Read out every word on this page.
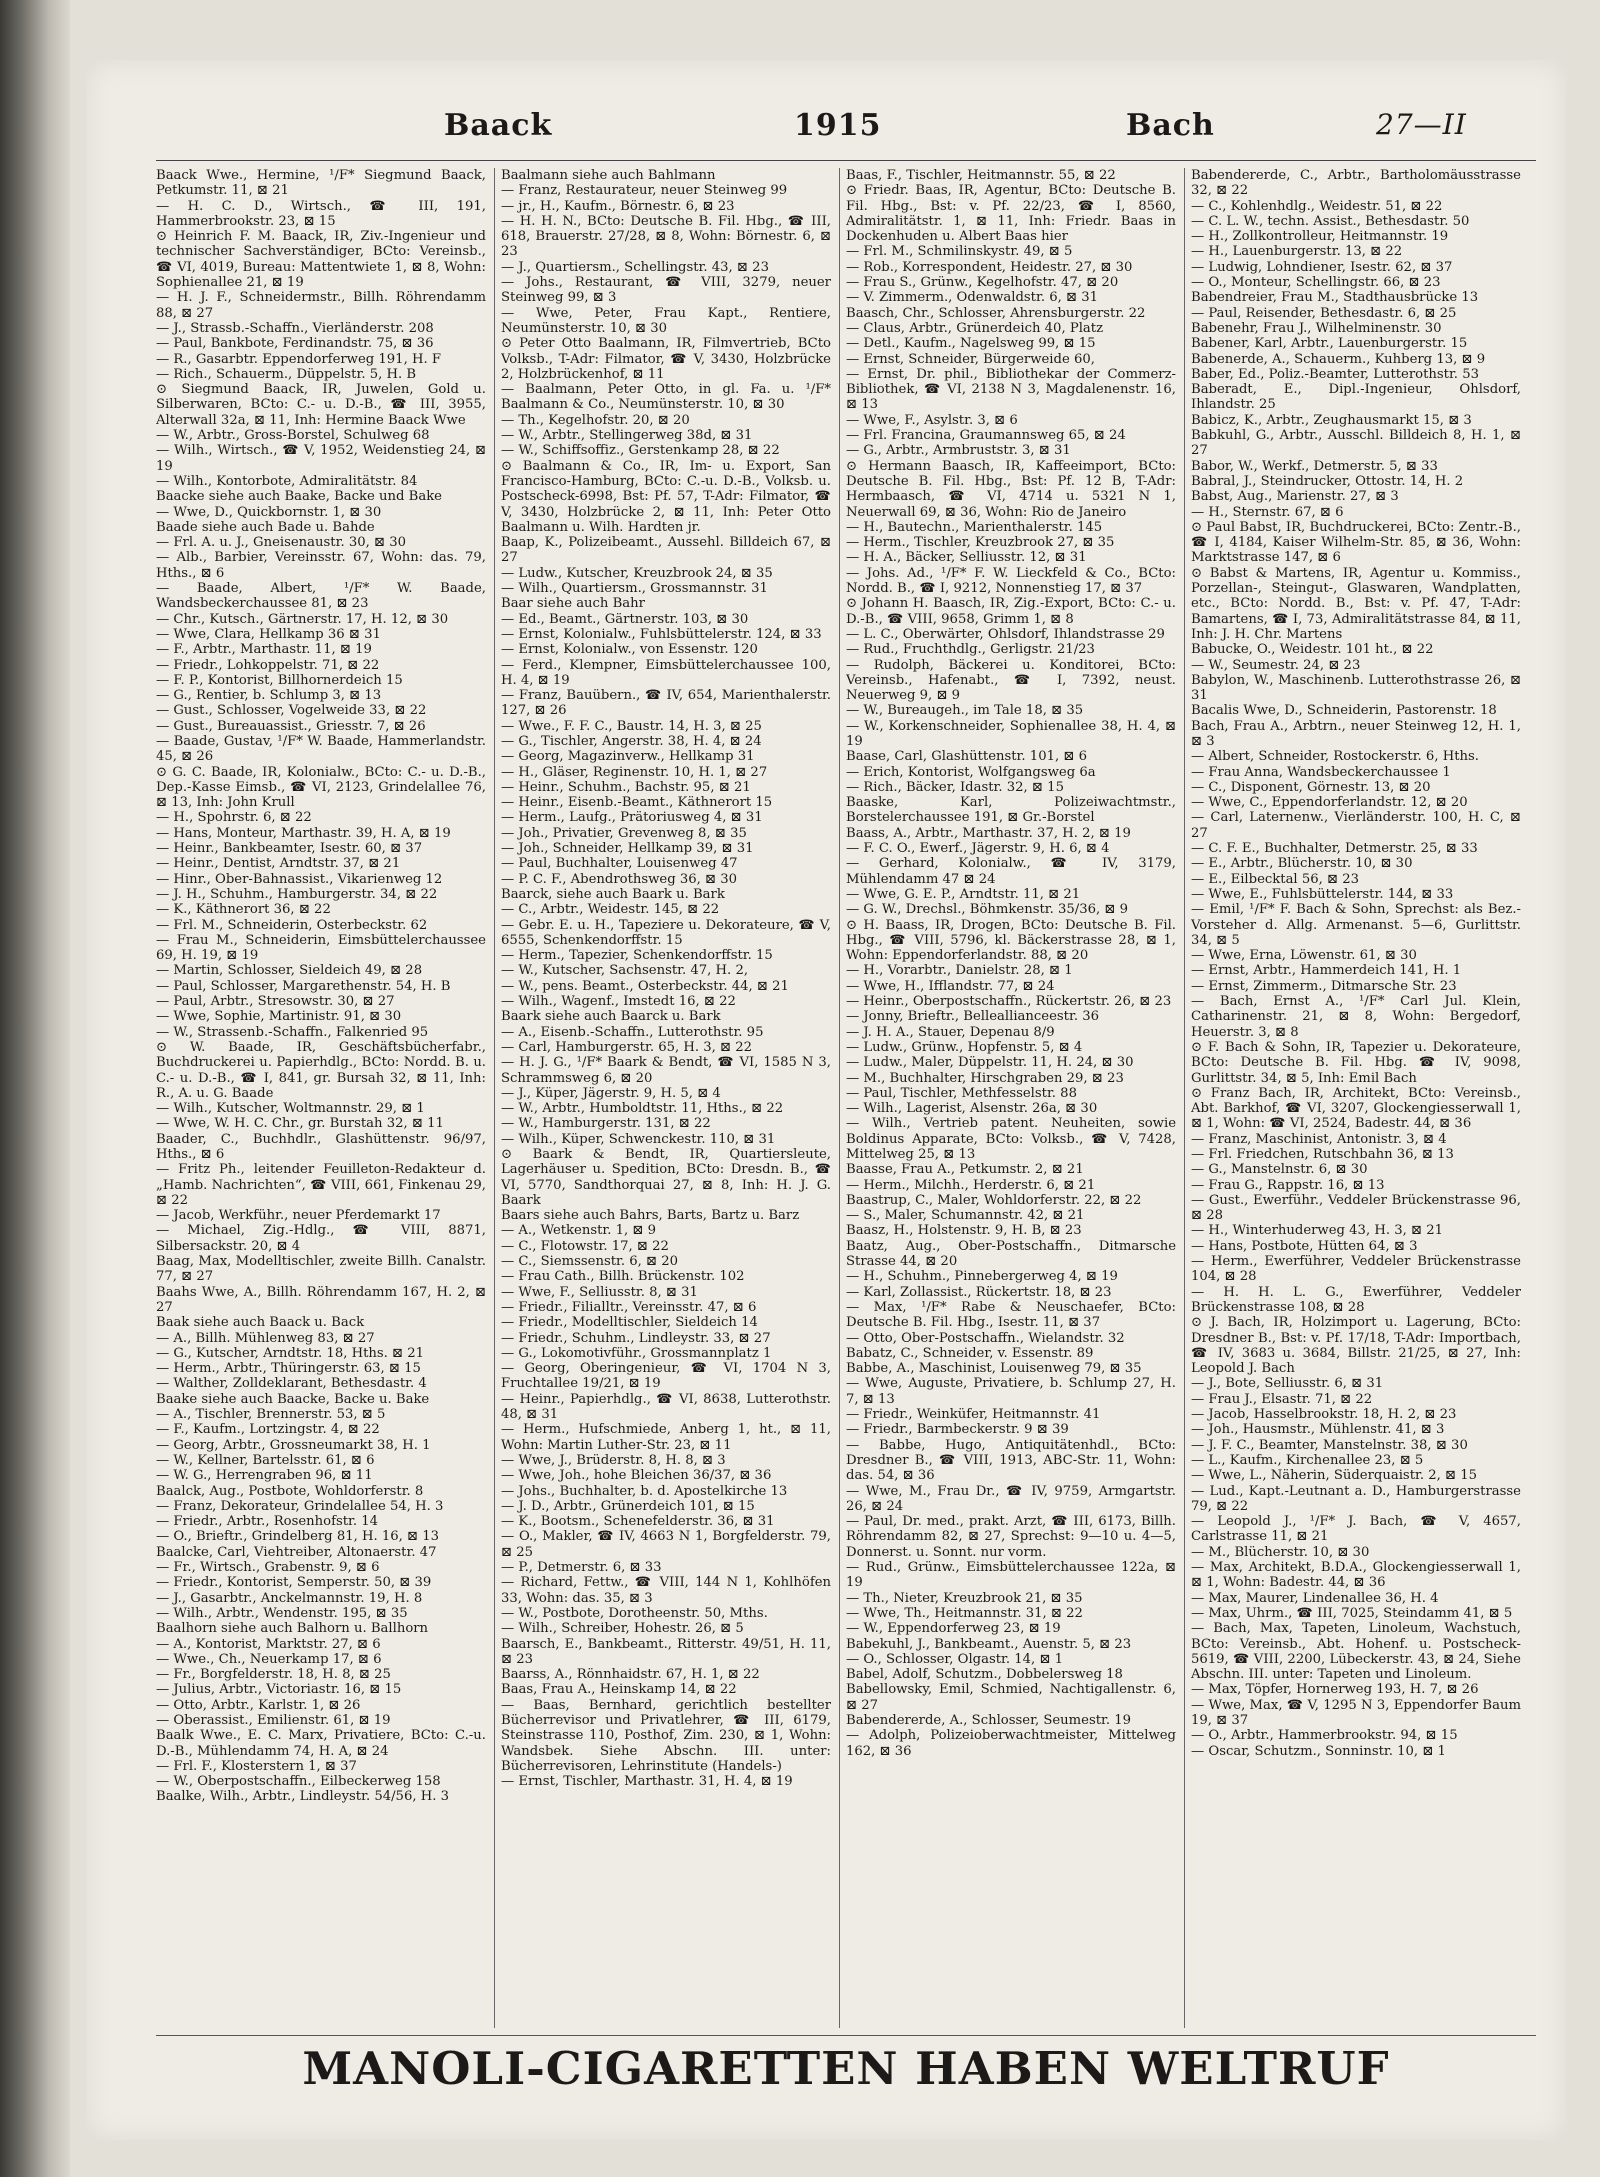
Baack	1915	Bach	27—II

Baack Wwe., Hermine, ¹/F* Siegmund Baack, Petkumstr. 11, ⊠ 21

— H. C. D., Wirtsch., ☎ III, 191, Hammerbrookstr. 23, ⊠ 15

⊙ Heinrich F. M. Baack, IR, Ziv.-Ingenieur und technischer Sachverständiger, BCto: Vereinsb., ☎ VI, 4019, Bureau: Mattentwiete 1, ⊠ 8, Wohn: Sophienallee 21, ⊠ 19

— H. J. F., Schneidermstr., Billh. Röhrendamm 88, ⊠ 27

— J., Strassb.-Schaffn., Vierländerstr. 208

— Paul, Bankbote, Ferdinandstr. 75, ⊠ 36

— R., Gasarbtr. Eppendorferweg 191, H. F

— Rich., Schauerm., Düppelstr. 5, H. B

⊙ Siegmund Baack, IR, Juwelen, Gold u. Silberwaren, BCto: C.- u. D.-B., ☎ III, 3955, Alterwall 32a, ⊠ 11, Inh: Hermine Baack Wwe

— W., Arbtr., Gross-Borstel, Schulweg 68

— Wilh., Wirtsch., ☎ V, 1952, Weidenstieg 24, ⊠ 19

— Wilh., Kontorbote, Admiralitätstr. 84

Baacke siehe auch Baake, Backe und Bake

— Wwe, D., Quickbornstr. 1, ⊠ 30

Baade siehe auch Bade u. Bahde

— Frl. A. u. J., Gneisenaustr. 30, ⊠ 30

— Alb., Barbier, Vereinsstr. 67, Wohn: das. 79, Hths., ⊠ 6

— Baade, Albert, ¹/F* W. Baade, Wandsbeckerchaussee 81, ⊠ 23

— Chr., Kutsch., Gärtnerstr. 17, H. 12, ⊠ 30

— Wwe, Clara, Hellkamp 36 ⊠ 31

— F., Arbtr., Marthastr. 11, ⊠ 19

— Friedr., Lohkoppelstr. 71, ⊠ 22

— F. P., Kontorist, Billhornerdeich 15

— G., Rentier, b. Schlump 3, ⊠ 13

— Gust., Schlosser, Vogelweide 33, ⊠ 22

— Gust., Bureauassist., Griesstr. 7, ⊠ 26

— Baade, Gustav, ¹/F* W. Baade, Hammerlandstr. 45, ⊠ 26

⊙ G. C. Baade, IR, Kolonialw., BCto: C.- u. D.-B., Dep.-Kasse Eimsb., ☎ VI, 2123, Grindelallee 76, ⊠ 13, Inh: John Krull

— H., Spohrstr. 6, ⊠ 22

— Hans, Monteur, Marthastr. 39, H. A, ⊠ 19

— Heinr., Bankbeamter, Isestr. 60, ⊠ 37

— Heinr., Dentist, Arndtstr. 37, ⊠ 21

— Hinr., Ober-Bahnassist., Vikarienweg 12

— J. H., Schuhm., Hamburgerstr. 34, ⊠ 22

— K., Käthnerort 36, ⊠ 22

— Frl. M., Schneiderin, Osterbeckstr. 62

— Frau M., Schneiderin, Eimsbüttelerchaussee 69, H. 19, ⊠ 19

— Martin, Schlosser, Sieldeich 49, ⊠ 28

— Paul, Schlosser, Margarethenstr. 54, H. B

— Paul, Arbtr., Stresowstr. 30, ⊠ 27

— Wwe, Sophie, Martinistr. 91, ⊠ 30

— W., Strassenb.-Schaffn., Falkenried 95

⊙ W. Baade, IR, Geschäftsbücherfabr., Buchdruckerei u. Papierhdlg., BCto: Nordd. B. u. C.- u. D.-B., ☎ I, 841, gr. Bursah 32, ⊠ 11, Inh: R., A. u. G. Baade

— Wilh., Kutscher, Woltmannstr. 29, ⊠ 1

— Wwe, W. H. C. Chr., gr. Burstah 32, ⊠ 11

Baader, C., Buchhdlr., Glashüttenstr. 96/97, Hths., ⊠ 6

— Fritz Ph., leitender Feuilleton-Redakteur d. „Hamb. Nachrichten“, ☎ VIII, 661, Finkenau 29, ⊠ 22

— Jacob, Werkführ., neuer Pferdemarkt 17

— Michael, Zig.-Hdlg., ☎ VIII, 8871, Silbersackstr. 20, ⊠ 4

Baag, Max, Modelltischler, zweite Billh. Canalstr. 77, ⊠ 27

Baahs Wwe, A., Billh. Röhrendamm 167, H. 2, ⊠ 27

Baak siehe auch Baack u. Back

— A., Billh. Mühlenweg 83, ⊠ 27

— G., Kutscher, Arndtstr. 18, Hths. ⊠ 21

— Herm., Arbtr., Thüringerstr. 63, ⊠ 15

— Walther, Zolldeklarant, Bethesdastr. 4

Baake siehe auch Baacke, Backe u. Bake

— A., Tischler, Brennerstr. 53, ⊠ 5

— F., Kaufm., Lortzingstr. 4, ⊠ 22

— Georg, Arbtr., Grossneumarkt 38, H. 1

— W., Kellner, Bartelsstr. 61, ⊠ 6

— W. G., Herrengraben 96, ⊠ 11

Baalck, Aug., Postbote, Wohldorferstr. 8

— Franz, Dekorateur, Grindelallee 54, H. 3

— Friedr., Arbtr., Rosenhofstr. 14

— O., Brieftr., Grindelberg 81, H. 16, ⊠ 13

Baalcke, Carl, Viehtreiber, Altonaerstr. 47

— Fr., Wirtsch., Grabenstr. 9, ⊠ 6

— Friedr., Kontorist, Semperstr. 50, ⊠ 39

— J., Gasarbtr., Anckelmannstr. 19, H. 8

— Wilh., Arbtr., Wendenstr. 195, ⊠ 35

Baalhorn siehe auch Balhorn u. Ballhorn

— A., Kontorist, Marktstr. 27, ⊠ 6

— Wwe., Ch., Neuerkamp 17, ⊠ 6

— Fr., Borgfelderstr. 18, H. 8, ⊠ 25

— Julius, Arbtr., Victoriastr. 16, ⊠ 15

— Otto, Arbtr., Karlstr. 1, ⊠ 26

— Oberassist., Emilienstr. 61, ⊠ 19

Baalk Wwe., E. C. Marx, Privatiere, BCto: C.-u. D.-B., Mühlendamm 74, H. A, ⊠ 24

— Frl. F., Klosterstern 1, ⊠ 37

— W., Oberpostschaffn., Eilbeckerweg 158

Baalke, Wilh., Arbtr., Lindleystr. 54/56, H. 3

Baalmann siehe auch Bahlmann

— Franz, Restaurateur, neuer Steinweg 99

— jr., H., Kaufm., Börnestr. 6, ⊠ 23

— H. H. N., BCto: Deutsche B. Fil. Hbg., ☎ III, 618, Brauerstr. 27/28, ⊠ 8, Wohn: Börnestr. 6, ⊠ 23

— J., Quartiersm., Schellingstr. 43, ⊠ 23

— Johs., Restaurant, ☎ VIII, 3279, neuer Steinweg 99, ⊠ 3

— Wwe, Peter, Frau Kapt., Rentiere, Neumünsterstr. 10, ⊠ 30

⊙ Peter Otto Baalmann, IR, Filmvertrieb, BCto Volksb., T-Adr: Filmator, ☎ V, 3430, Holzbrücke 2, Holzbrückenhof, ⊠ 11

— Baalmann, Peter Otto, in gl. Fa. u. ¹/F* Baalmann & Co., Neumünsterstr. 10, ⊠ 30

— Th., Kegelhofstr. 20, ⊠ 20

— W., Arbtr., Stellingerweg 38d, ⊠ 31

— W., Schiffsoffiz., Gerstenkamp 28, ⊠ 22

⊙ Baalmann & Co., IR, Im- u. Export, San Francisco-Hamburg, BCto: C.-u. D.-B., Volksb. u. Postscheck-6998, Bst: Pf. 57, T-Adr: Filmator, ☎ V, 3430, Holzbrücke 2, ⊠ 11, Inh: Peter Otto Baalmann u. Wilh. Hardten jr.

Baap, K., Polizeibeamt., Aussehl. Billdeich 67, ⊠ 27

— Ludw., Kutscher, Kreuzbrook 24, ⊠ 35

— Wilh., Quartiersm., Grossmannstr. 31

Baar siehe auch Bahr

— Ed., Beamt., Gärtnerstr. 103, ⊠ 30

— Ernst, Kolonialw., Fuhlsbüttelerstr. 124, ⊠ 33

— Ernst, Kolonialw., von Essenstr. 120

— Ferd., Klempner, Eimsbüttelerchaussee 100, H. 4, ⊠ 19

— Franz, Bauübern., ☎ IV, 654, Marienthalerstr. 127, ⊠ 26

— Wwe., F. F. C., Baustr. 14, H. 3, ⊠ 25

— G., Tischler, Angerstr. 38, H. 4, ⊠ 24

— Georg, Magazinverw., Hellkamp 31

— H., Gläser, Reginenstr. 10, H. 1, ⊠ 27

— Heinr., Schuhm., Bachstr. 95, ⊠ 21

— Heinr., Eisenb.-Beamt., Käthnerort 15

— Herm., Laufg., Prätoriusweg 4, ⊠ 31

— Joh., Privatier, Grevenweg 8, ⊠ 35

— Joh., Schneider, Hellkamp 39, ⊠ 31

— Paul, Buchhalter, Louisenweg 47

— P. C. F., Abendrothsweg 36, ⊠ 30

Baarck, siehe auch Baark u. Bark

— C., Arbtr., Weidestr. 145, ⊠ 22

— Gebr. E. u. H., Tapeziere u. Dekorateure, ☎ V, 6555, Schenkendorffstr. 15

— Herm., Tapezier, Schenkendorffstr. 15

— W., Kutscher, Sachsenstr. 47, H. 2,

— W., pens. Beamt., Osterbeckstr. 44, ⊠ 21

— Wilh., Wagenf., Imstedt 16, ⊠ 22

Baark siehe auch Baarck u. Bark

— A., Eisenb.-Schaffn., Lutterothstr. 95

— Carl, Hamburgerstr. 65, H. 3, ⊠ 22

— H. J. G., ¹/F* Baark & Bendt, ☎ VI, 1585 N 3, Schrammsweg 6, ⊠ 20

— J., Küper, Jägerstr. 9, H. 5, ⊠ 4

— W., Arbtr., Humboldtstr. 11, Hths., ⊠ 22

— W., Hamburgerstr. 131, ⊠ 22

— Wilh., Küper, Schwenckestr. 110, ⊠ 31

⊙ Baark & Bendt, IR, Quartiersleute, Lagerhäuser u. Spedition, BCto: Dresdn. B., ☎ VI, 5770, Sandthorquai 27, ⊠ 8, Inh: H. J. G. Baark

Baars siehe auch Bahrs, Barts, Bartz u. Barz

— A., Wetkenstr. 1, ⊠ 9

— C., Flotowstr. 17, ⊠ 22

— C., Siemssenstr. 6, ⊠ 20

— Frau Cath., Billh. Brückenstr. 102

— Wwe, F., Selliusstr. 8, ⊠ 31

— Friedr., Filialltr., Vereinsstr. 47, ⊠ 6

— Friedr., Modelltischler, Sieldeich 14

— Friedr., Schuhm., Lindleystr. 33, ⊠ 27

— G., Lokomotivführ., Grossmannplatz 1

— Georg, Oberingenieur, ☎ VI, 1704 N 3, Fruchtallee 19/21, ⊠ 19

— Heinr., Papierhdlg., ☎ VI, 8638, Lutterothstr. 48, ⊠ 31

— Herm., Hufschmiede, Anberg 1, ht., ⊠ 11, Wohn: Martin Luther-Str. 23, ⊠ 11

— Wwe, J., Brüderstr. 8, H. 8, ⊠ 3

— Wwe, Joh., hohe Bleichen 36/37, ⊠ 36

— Johs., Buchhalter, b. d. Apostelkirche 13

— J. D., Arbtr., Grünerdeich 101, ⊠ 15

— K., Bootsm., Schenefelderstr. 36, ⊠ 31

— O., Makler, ☎ IV, 4663 N 1, Borgfelderstr. 79, ⊠ 25

— P., Detmerstr. 6, ⊠ 33

— Richard, Fettw., ☎ VIII, 144 N 1, Kohlhöfen 33, Wohn: das. 35, ⊠ 3

— W., Postbote, Dorotheenstr. 50, Mths.

— Wilh., Schreiber, Hohestr. 26, ⊠ 5

Baarsch, E., Bankbeamt., Ritterstr. 49/51, H. 11, ⊠ 23

Baarss, A., Rönnhaidstr. 67, H. 1, ⊠ 22

Baas, Frau A., Heinskamp 14, ⊠ 22

— Baas, Bernhard, gerichtlich bestellter Bücherrevisor und Privatlehrer, ☎ III, 6179, Steinstrasse 110, Posthof, Zim. 230, ⊠ 1, Wohn: Wandsbek. Siehe Abschn. III. unter: Bücherrevisoren, Lehrinstitute (Handels-)

— Ernst, Tischler, Marthastr. 31, H. 4, ⊠ 19

Baas, F., Tischler, Heitmannstr. 55, ⊠ 22

⊙ Friedr. Baas, IR, Agentur, BCto: Deutsche B. Fil. Hbg., Bst: v. Pf. 22/23, ☎ I, 8560, Admiralitätstr. 1, ⊠ 11, Inh: Friedr. Baas in Dockenhuden u. Albert Baas hier

— Frl. M., Schmilinskystr. 49, ⊠ 5

— Rob., Korrespondent, Heidestr. 27, ⊠ 30

— Frau S., Grünw., Kegelhofstr. 47, ⊠ 20

— V. Zimmerm., Odenwaldstr. 6, ⊠ 31

Baasch, Chr., Schlosser, Ahrensburgerstr. 22

— Claus, Arbtr., Grünerdeich 40, Platz

— Detl., Kaufm., Nagelsweg 99, ⊠ 15

— Ernst, Schneider, Bürgerweide 60,

— Ernst, Dr. phil., Bibliothekar der Commerz-Bibliothek, ☎ VI, 2138 N 3, Magdalenenstr. 16, ⊠ 13

— Wwe, F., Asylstr. 3, ⊠ 6

— Frl. Francina, Graumannsweg 65, ⊠ 24

— G., Arbtr., Armbruststr. 3, ⊠ 31

⊙ Hermann Baasch, IR, Kaffeeimport, BCto: Deutsche B. Fil. Hbg., Bst: Pf. 12 B, T-Adr: Hermbaasch, ☎ VI, 4714 u. 5321 N 1, Neuerwall 69, ⊠ 36, Wohn: Rio de Janeiro

— H., Bautechn., Marienthalerstr. 145

— Herm., Tischler, Kreuzbrook 27, ⊠ 35

— H. A., Bäcker, Selliusstr. 12, ⊠ 31

— Johs. Ad., ¹/F* F. W. Lieckfeld & Co., BCto: Nordd. B., ☎ I, 9212, Nonnenstieg 17, ⊠ 37

⊙ Johann H. Baasch, IR, Zig.-Export, BCto: C.- u. D.-B., ☎ VIII, 9658, Grimm 1, ⊠ 8

— L. C., Oberwärter, Ohlsdorf, Ihlandstrasse 29

— Rud., Fruchthdlg., Gerligstr. 21/23

— Rudolph, Bäckerei u. Konditorei, BCto: Vereinsb., Hafenabt., ☎ I, 7392, neust. Neuerweg 9, ⊠ 9

— W., Bureaugeh., im Tale 18, ⊠ 35

— W., Korkenschneider, Sophienallee 38, H. 4, ⊠ 19

Baase, Carl, Glashüttenstr. 101, ⊠ 6

— Erich, Kontorist, Wolfgangsweg 6a

— Rich., Bäcker, Idastr. 32, ⊠ 15

Baaske, Karl, Polizeiwachtmstr., Borstelerchaussee 191, ⊠ Gr.-Borstel

Baass, A., Arbtr., Marthastr. 37, H. 2, ⊠ 19

— F. C. O., Ewerf., Jägerstr. 9, H. 6, ⊠ 4

— Gerhard, Kolonialw., ☎ IV, 3179, Mühlendamm 47 ⊠ 24

— Wwe, G. E. P., Arndtstr. 11, ⊠ 21

— G. W., Drechsl., Böhmkenstr. 35/36, ⊠ 9

⊙ H. Baass, IR, Drogen, BCto: Deutsche B. Fil. Hbg., ☎ VIII, 5796, kl. Bäckerstrasse 28, ⊠ 1, Wohn: Eppendorferlandstr. 88, ⊠ 20

— H., Vorarbtr., Danielstr. 28, ⊠ 1

— Wwe, H., Ifflandstr. 77, ⊠ 24

— Heinr., Oberpostschaffn., Rückertstr. 26, ⊠ 23

— Jonny, Brieftr., Belleallianceestr. 36

— J. H. A., Stauer, Depenau 8/9

— Ludw., Grünw., Hopfenstr. 5, ⊠ 4

— Ludw., Maler, Düppelstr. 11, H. 24, ⊠ 30

— M., Buchhalter, Hirschgraben 29, ⊠ 23

— Paul, Tischler, Methfesselstr. 88

— Wilh., Lagerist, Alsenstr. 26a, ⊠ 30

— Wilh., Vertrieb patent. Neuheiten, sowie Boldinus Apparate, BCto: Volksb., ☎ V, 7428, Mittelweg 25, ⊠ 13

Baasse, Frau A., Petkumstr. 2, ⊠ 21

— Herm., Milchh., Herderstr. 6, ⊠ 21

Baastrup, C., Maler, Wohldorferstr. 22, ⊠ 22

— S., Maler, Schumannstr. 42, ⊠ 21

Baasz, H., Holstenstr. 9, H. B, ⊠ 23

Baatz, Aug., Ober-Postschaffn., Ditmarsche Strasse 44, ⊠ 20

— H., Schuhm., Pinnebergerweg 4, ⊠ 19

— Karl, Zollassist., Rückertstr. 18, ⊠ 23

— Max, ¹/F* Rabe & Neuschaefer, BCto: Deutsche B. Fil. Hbg., Isestr. 11, ⊠ 37

— Otto, Ober-Postschaffn., Wielandstr. 32

Babatz, C., Schneider, v. Essenstr. 89

Babbe, A., Maschinist, Louisenweg 79, ⊠ 35

— Wwe, Auguste, Privatiere, b. Schlump 27, H. 7, ⊠ 13

— Friedr., Weinküfer, Heitmannstr. 41

— Friedr., Barmbeckerstr. 9 ⊠ 39

— Babbe, Hugo, Antiquitätenhdl., BCto: Dresdner B., ☎ VIII, 1913, ABC-Str. 11, Wohn: das. 54, ⊠ 36

— Wwe, M., Frau Dr., ☎ IV, 9759, Armgartstr. 26, ⊠ 24

— Paul, Dr. med., prakt. Arzt, ☎ III, 6173, Billh. Röhrendamm 82, ⊠ 27, Sprechst: 9—10 u. 4—5, Donnerst. u. Sonnt. nur vorm.

— Rud., Grünw., Eimsbüttelerchaussee 122a, ⊠ 19

— Th., Nieter, Kreuzbrook 21, ⊠ 35

— Wwe, Th., Heitmannstr. 31, ⊠ 22

— W., Eppendorferweg 23, ⊠ 19

Babekuhl, J., Bankbeamt., Auenstr. 5, ⊠ 23

— O., Schlosser, Olgastr. 14, ⊠ 1

Babel, Adolf, Schutzm., Dobbelersweg 18

Babellowsky, Emil, Schmied, Nachtigallenstr. 6, ⊠ 27

Babendererde, A., Schlosser, Seumestr. 19

— Adolph, Polizeioberwachtmeister, Mittelweg 162, ⊠ 36

Babendererde, C., Arbtr., Bartholomäusstrasse 32, ⊠ 22

— C., Kohlenhdlg., Weidestr. 51, ⊠ 22

— C. L. W., techn. Assist., Bethesdastr. 50

— H., Zollkontrolleur, Heitmannstr. 19

— H., Lauenburgerstr. 13, ⊠ 22

— Ludwig, Lohndiener, Isestr. 62, ⊠ 37

— O., Monteur, Schellingstr. 66, ⊠ 23

Babendreier, Frau M., Stadthausbrücke 13

— Paul, Reisender, Bethesdastr. 6, ⊠ 25

Babenehr, Frau J., Wilhelminenstr. 30

Babener, Karl, Arbtr., Lauenburgerstr. 15

Babenerde, A., Schauerm., Kuhberg 13, ⊠ 9

Baber, Ed., Poliz.-Beamter, Lutterothstr. 53

Baberadt, E., Dipl.-Ingenieur, Ohlsdorf, Ihlandstr. 25

Babicz, K., Arbtr., Zeughausmarkt 15, ⊠ 3

Babkuhl, G., Arbtr., Ausschl. Billdeich 8, H. 1, ⊠ 27

Babor, W., Werkf., Detmerstr. 5, ⊠ 33

Babral, J., Steindrucker, Ottostr. 14, H. 2

Babst, Aug., Marienstr. 27, ⊠ 3

— H., Sternstr. 67, ⊠ 6

⊙ Paul Babst, IR, Buchdruckerei, BCto: Zentr.-B., ☎ I, 4184, Kaiser Wilhelm-Str. 85, ⊠ 36, Wohn: Marktstrasse 147, ⊠ 6

⊙ Babst & Martens, IR, Agentur u. Kommiss., Porzellan-, Steingut-, Glaswaren, Wandplatten, etc., BCto: Nordd. B., Bst: v. Pf. 47, T-Adr: Bamartens, ☎ I, 73, Admiralitätstrasse 84, ⊠ 11, Inh: J. H. Chr. Martens

Babucke, O., Weidestr. 101 ht., ⊠ 22

— W., Seumestr. 24, ⊠ 23

Babylon, W., Maschinenb. Lutterothstrasse 26, ⊠ 31

Bacalis Wwe, D., Schneiderin, Pastorenstr. 18

Bach, Frau A., Arbtrn., neuer Steinweg 12, H. 1, ⊠ 3

— Albert, Schneider, Rostockerstr. 6, Hths.

— Frau Anna, Wandsbeckerchaussee 1

— C., Disponent, Görnestr. 13, ⊠ 20

— Wwe, C., Eppendorferlandstr. 12, ⊠ 20

— Carl, Laternenw., Vierländerstr. 100, H. C, ⊠ 27

— C. F. E., Buchhalter, Detmerstr. 25, ⊠ 33

— E., Arbtr., Blücherstr. 10, ⊠ 30

— E., Eilbecktal 56, ⊠ 23

— Wwe, E., Fuhlsbüttelerstr. 144, ⊠ 33

— Emil, ¹/F* F. Bach & Sohn, Sprechst: als Bez.-Vorsteher d. Allg. Armenanst. 5—6, Gurlittstr. 34, ⊠ 5

— Wwe, Erna, Löwenstr. 61, ⊠ 30

— Ernst, Arbtr., Hammerdeich 141, H. 1

— Ernst, Zimmerm., Ditmarsche Str. 23

— Bach, Ernst A., ¹/F* Carl Jul. Klein, Catharinenstr. 21, ⊠ 8, Wohn: Bergedorf, Heuerstr. 3, ⊠ 8

⊙ F. Bach & Sohn, IR, Tapezier u. Dekorateure, BCto: Deutsche B. Fil. Hbg. ☎ IV, 9098, Gurlittstr. 34, ⊠ 5, Inh: Emil Bach

⊙ Franz Bach, IR, Architekt, BCto: Vereinsb., Abt. Barkhof, ☎ VI, 3207, Glockengiesserwall 1, ⊠ 1, Wohn: ☎ VI, 2524, Badestr. 44, ⊠ 36

— Franz, Maschinist, Antonistr. 3, ⊠ 4

— Frl. Friedchen, Rutschbahn 36, ⊠ 13

— G., Manstelnstr. 6, ⊠ 30

— Frau G., Rappstr. 16, ⊠ 13

— Gust., Ewerführ., Veddeler Brückenstrasse 96, ⊠ 28

— H., Winterhuderweg 43, H. 3, ⊠ 21

— Hans, Postbote, Hütten 64, ⊠ 3

— Herm., Ewerführer, Veddeler Brückenstrasse 104, ⊠ 28

— H. H. L. G., Ewerführer, Veddeler Brückenstrasse 108, ⊠ 28

⊙ J. Bach, IR, Holzimport u. Lagerung, BCto: Dresdner B., Bst: v. Pf. 17/18, T-Adr: Importbach, ☎ IV, 3683 u. 3684, Billstr. 21/25, ⊠ 27, Inh: Leopold J. Bach

— J., Bote, Selliusstr. 6, ⊠ 31

— Frau J., Elsastr. 71, ⊠ 22

— Jacob, Hasselbrookstr. 18, H. 2, ⊠ 23

— Joh., Hausmstr., Mühlenstr. 41, ⊠ 3

— J. F. C., Beamter, Manstelnstr. 38, ⊠ 30

— L., Kaufm., Kirchenallee 23, ⊠ 5

— Wwe, L., Näherin, Süderquaistr. 2, ⊠ 15

— Lud., Kapt.-Leutnant a. D., Hamburgerstrasse 79, ⊠ 22

— Leopold J., ¹/F* J. Bach, ☎ V, 4657, Carlstrasse 11, ⊠ 21

— M., Blücherstr. 10, ⊠ 30

— Max, Architekt, B.D.A., Glockengiesserwall 1, ⊠ 1, Wohn: Badestr. 44, ⊠ 36

— Max, Maurer, Lindenallee 36, H. 4

— Max, Uhrm., ☎ III, 7025, Steindamm 41, ⊠ 5

— Bach, Max, Tapeten, Linoleum, Wachstuch, BCto: Vereinsb., Abt. Hohenf. u. Postscheck-5619, ☎ VIII, 2200, Lübeckerstr. 43, ⊠ 24, Siehe Abschn. III. unter: Tapeten und Linoleum.

— Max, Töpfer, Hornerweg 193, H. 7, ⊠ 26

— Wwe, Max, ☎ V, 1295 N 3, Eppendorfer Baum 19, ⊠ 37

— O., Arbtr., Hammerbrookstr. 94, ⊠ 15

— Oscar, Schutzm., Sonninstr. 10, ⊠ 1

MANOLI-CIGARETTEN HABEN WELTRUF
